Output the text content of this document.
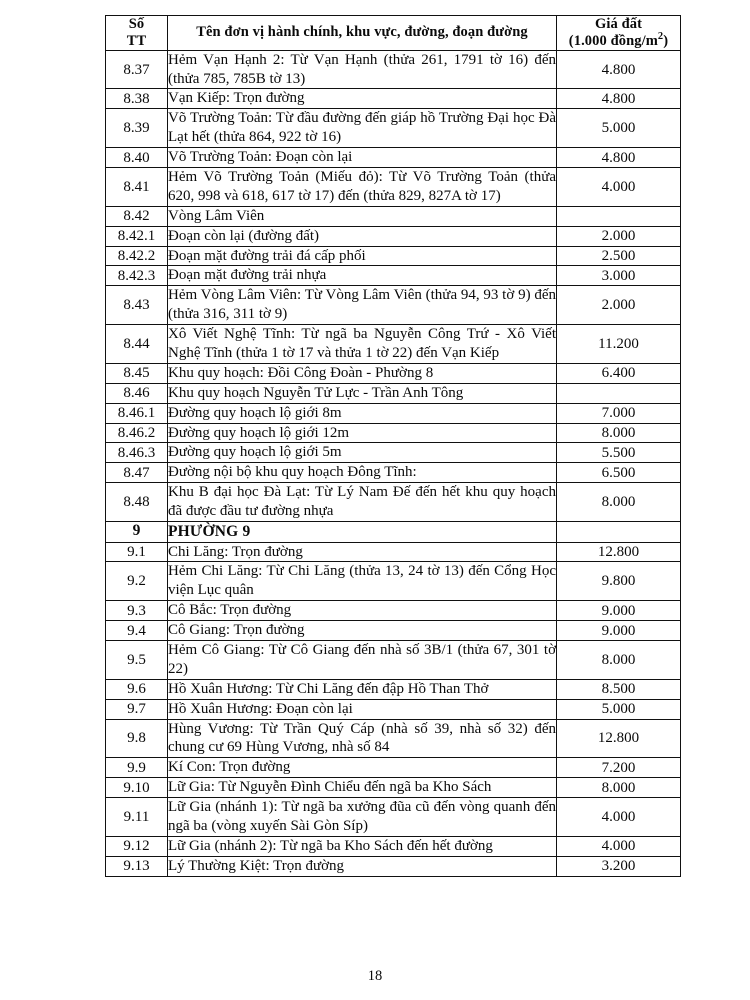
Số
TT	Tên đơn vị hành chính, khu vực, đường, đoạn đường	Giá đất
(1.000 đồng/$m^2$)
8.37	Hẻm Vạn Hạnh 2: Từ Vạn Hạnh (thửa 261, 1791 tờ 16) đến (thửa 785, 785B tờ 13)	4.800
8.38	Vạn Kiếp: Trọn đường	4.800
8.39	Võ Trường Toản: Từ đầu đường đến giáp hồ Trường Đại học Đà Lạt hết (thửa 864, 922 tờ 16)	5.000
8.40	Võ Trường Toản: Đoạn còn lại	4.800
8.41	Hẻm Võ Trường Toản (Miếu đỏ): Từ Võ Trường Toản (thửa 620, 998 và 618, 617 tờ 17) đến (thửa 829, 827A tờ 17)	4.000
8.42	Vòng Lâm Viên	
8.42.1	Đoạn còn lại (đường đất)	2.000
8.42.2	Đoạn mặt đường trải đá cấp phối	2.500
8.42.3	Đoạn mặt đường trải nhựa	3.000
8.43	Hẻm Vòng Lâm Viên: Từ Vòng Lâm Viên (thửa 94, 93 tờ 9) đến (thửa 316, 311 tờ 9)	2.000
8.44	Xô Viết Nghệ Tĩnh: Từ ngã ba Nguyễn Công Trứ - Xô Viết Nghệ Tĩnh (thửa 1 tờ 17 và thửa 1 tờ 22) đến Vạn Kiếp	11.200
8.45	Khu quy hoạch: Đồi Công Đoàn - Phường 8	6.400
8.46	Khu quy hoạch Nguyễn Tử Lực - Trần Anh Tông	
8.46.1	Đường quy hoạch lộ giới 8m	7.000
8.46.2	Đường quy hoạch lộ giới 12m	8.000
8.46.3	Đường quy hoạch lộ giới 5m	5.500
8.47	Đường nội bộ khu quy hoạch Đông Tĩnh:	6.500
8.48	Khu B đại học Đà Lạt: Từ Lý Nam Đế đến hết khu quy hoạch đã được đầu tư đường nhựa	8.000
9	PHƯỜNG 9	
9.1	Chi Lăng: Trọn đường	12.800
9.2	Hẻm Chi Lăng: Từ Chi Lăng (thửa 13, 24 tờ 13) đến Cổng Học viện Lục quân	9.800
9.3	Cô Bắc: Trọn đường	9.000
9.4	Cô Giang: Trọn đường	9.000
9.5	Hẻm Cô Giang: Từ Cô Giang đến nhà số 3B/1 (thửa 67, 301 tờ 22)	8.000
9.6	Hồ Xuân Hương: Từ Chi Lăng đến đập Hồ Than Thở	8.500
9.7	Hồ Xuân Hương: Đoạn còn lại	5.000
9.8	Hùng Vương: Từ Trần Quý Cáp (nhà số 39, nhà số 32) đến chung cư 69 Hùng Vương, nhà số 84	12.800
9.9	Kí Con: Trọn đường	7.200
9.10	Lữ Gia: Từ Nguyễn Đình Chiểu đến ngã ba Kho Sách	8.000
9.11	Lữ Gia (nhánh 1): Từ ngã ba xưởng đũa cũ đến vòng quanh đến ngã ba (vòng xuyến Sài Gòn Síp)	4.000
9.12	Lữ Gia (nhánh 2): Từ ngã ba Kho Sách đến hết đường	4.000
9.13	Lý Thường Kiệt: Trọn đường	3.200
18
